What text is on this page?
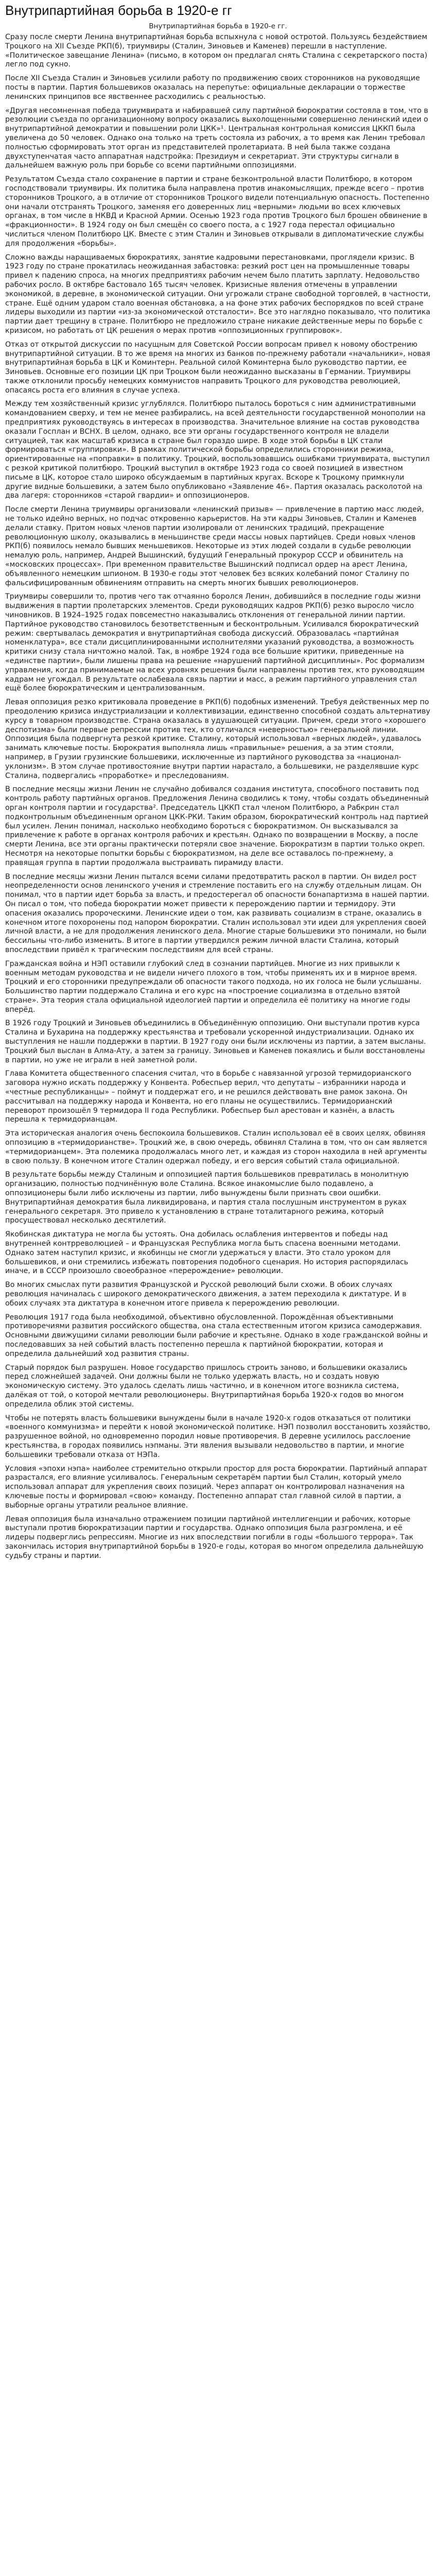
Внутрипартийная борьба в 1920-е гг
Внутрипартийная борьба в 1920-е гг.

Сразу после смерти Ленина внутрипартийная борьба вспыхнула с новой остротой. Пользуясь бездействием Троцкого на XII Съезде РКП(б), триумвиры (Сталин, Зиновьев и Каменев) перешли в наступление. «Политическое завещание Ленина» (письмо, в котором он предлагал снять Сталина с секретарского поста) легло под сукно.

После XII Съезда Сталин и Зиновьев усилили работу по продвижению своих сторонников на руководящие посты в партии. Партия большевиков оказалась на перепутье: официальные декларации о торжестве ленинских принципов все явственнее расходились с реальностью.

«Другая несомненная победа триумвирата и набиравшей силу партийной бюрократии состояла в том, что в резолюции съезда по организационному вопросу оказались выхолощенными совершенно ленинский идеи о внутрипартийной демократии и повышении роли ЦКК»¹. Центральная контрольная комиссия ЦККП была увеличена до 50 человек. Однако она только на треть состояла из рабочих, а то время как Ленин требовал полностью сформировать этот орган из представителей пролетариата. В ней была также создана двухступенчатая часто аппаратная надстройка: Президиум и секретариат. Эти структуры сигнали в дальнейшем важную роль при борьбе со всеми партийными оппозициями.

Результатом Съезда стало сохранение в партии и стране безконтрольной власти Политбюро, в котором господствовали триумвиры. Их политика была направлена против инакомыслящих, прежде всего – против сторонников Троцкого, а в отличие от сторонников Троцкого видели потенциальную опасность. Постепенно они начали отстранять Троцкого, заменяя его доверенных лиц «верными» людьми во всех ключевых органах, в том числе в НКВД и Красной Армии. Осенью 1923 года против Троцкого был брошен обвинение в «фракционности». В 1924 году он был смещён со своего поста, а с 1927 года перестал официально числиться членом Политбюро ЦК. Вместе с этим Сталин и Зиновьев открывали в дипломатические службы для продолжения «борьбы».

Сложно важды наращиваемых бюрократиях, занятие кадровыми перестановками, проглядели кризис. В 1923 году по стране прокатилась неожиданная забастовка: резкий рост цен на промышленные товары привел к падению спроса, на многих предприятиях рабочим нечем было платить зарплату. Недовольство рабочих росло. В октябре бастовало 165 тысяч человек. Кризисные явления отмечены в управлении экономикой, в деревне, в экономической ситуации. Они угрожали стране свободной торговлей, в частности, стране. Ещё одним ударом стало военная обстановка, а на фоне этих рабочих беспорядков по всей стране лидеры выходили из партии «из-за экономической отсталости». Все это наглядно показывало, что политика партии дает трещину в стране. Политбюро не предложило стране никакие действенные меры по борьбе с кризисом, но работать от ЦК решения о мерах против «оппозиционных группировок».

Отказ от открытой дискуссии по насущным для Советской России вопросам привел к новому обострению внутрипартийной ситуации. В то же время на многих из банков по-прежнему работали «начальники», новая внутрипартийная борьба в ЦК и Коминтерн. Реальной силой Коминтерна было руководство партии, ее Зиновьев. Основные его позиции ЦК при Троцком были неожиданно высказаны в Германии. Триумвиры также отклонили просьбу немецких коммунистов направить Троцкого для руководства революцией, опасаясь роста его влияния в случае успеха.

Между тем хозяйственный кризис углублялся. Политбюро пыталось бороться с ним административными командованием сверху, и тем не менее разбирались, на всей деятельности государственной монополии на предприятиях руководствуясь в интересах в производства. Значительное влияние на состав руководства оказали Госплан и ВСНХ. В целом, однако, все эти органы государственного контроля не владели ситуацией, так как масштаб кризиса в стране был гораздо шире. В ходе этой борьбы в ЦК стали формироваться «группировки». В рамках политической борьбы определились сторонники режима, ориентированные на «поправки» в политику. Троцкий, воспользовавшись ошибками триумвирата, выступил с резкой критикой политбюро. Троцкий выступил в октябре 1923 года со своей позицией в известном письме в ЦК, которое стало широко обсуждаемым в партийных кругах. Вскоре к Троцкому примкнули другие видные большевики, а затем было опубликовано «Заявление 46». Партия оказалась расколотой на два лагеря: сторонников «старой гвардии» и оппозиционеров.

После смерти Ленина триумвиры организовали «ленинский призыв» — привлечение в партию масс людей, не только идейно верных, но подчас откровенно карьеристов. На эти кадры Зиновьев, Сталин и Каменев делали ставку. Притом новых членов партии изолировали от ленинских традиций, прекращение революционную школу, оказывались в меньшинстве среди массы новых партийцев. Среди новых членов РКП(б) появилось немало бывших меньшевиков. Некоторые из этих людей создали в судьбе революции немалую роль, например, Андрей Вышинский, будущий Генеральный прокурор СССР и обвинитель на «московских процессах». При временном правительстве Вышинский подписал ордер на арест Ленина, объявленного немецким шпионом. В 1930-е годы этот человек без всяких колебаний помог Сталину по фальсифицированным обвинениям отправить на смерть многих бывших революционеров.

Триумвиры совершили то, против чего так отчаянно боролся Ленин, добившийся в последние годы жизни выдвижения в партии пролетарских элементов. Среди руководящих кадров РКП(б) резко выросло число чиновников. В 1924–1925 годах повсеместно наказывались отклонения от генеральной линии партии. Партийное руководство становилось безответственным и бесконтрольным. Усиливался бюрократический режим: свертывалась демократия и внутрипартийная свобода дискуссий. Образовалась «партийная номенклатура», все стали дисциплинированными исполнителями указаний руководства, а возможность критики снизу стала ничтожно малой. Так, в ноябре 1924 года все большие критики, приведенные на «единстве партии», были лишены права на решение «нарушений партийной дисциплины». Рос формализм управления, когда принимаемые на всех уровнях решения были направлены против тех, кто руководящим кадрам не угождал. В результате ослабевала связь партии и масс, а режим партийного управления стал ещё более бюрократическим и централизованным.

Левая оппозиция резко критиковала проведение в РКП(б) подобных изменений. Требуя действенных мер по преодолению кризиса индустриализации и коллективизации, единственно способной создать альтернативу курсу в товарном производстве. Страна оказалась в удушающей ситуации. Причем, среди этого «хорошего деспотизма» были первые репрессии против тех, кто отличался «неверностью» генеральной линии. Оппозиция была подвергнута резкой критике. Сталину, который использовал «верных людей», удавалось занимать ключевые посты. Бюрократия выполняла лишь «правильные» решения, а за этим стояли, например, в Грузии грузинские большевики, исключенные из партийного руководства за «национал-уклонизм». В этом случае противостояние внутри партии нарастало, а большевики, не разделявшие курс Сталина, подвергались «проработке» и преследованиям.

В последние месяцы жизни Ленин не случайно добивался создания института, способного поставить под контроль работу партийных органов. Предложения Ленина сводились к тому, чтобы создать объединенный орган контроля партии и государства². Председатель ЦККП стал членом Политбюро, а Рабкрин стал подконтрольным объединенным органом ЦКК-РКИ. Таким образом, бюрократический контроль над партией был усилен. Ленин понимал, насколько необходимо бороться с бюрократизмом. Он высказывался за привлечение к работе в органах контроля рабочих и крестьян. Однако по возвращении в Москву, а после смерти Ленина, все эти органы практически потеряли свое значение. Бюрократизм в партии только окреп. Несмотря на некоторые попытки борьбы с бюрократизмом, на деле все оставалось по-прежнему, а правящая группа в партии продолжала выстраивать пирамиду власти.

В последние месяцы жизни Ленин пытался всеми силами предотвратить раскол в партии. Он видел рост неопределенности основ ленинского учения и стремление поставить его на службу отдельным лицам. Он понимал, что в партии идет борьба за власть, и предостерегал об опасности бонапартизма в нашей партии. Он писал о том, что победа бюрократии может привести к перерождению партии и термидору. Эти опасения оказались пророческими. Ленинские идеи о том, как развивать социализм в стране, оказались в конечном итоге похоронены под напором бюрократии. Сталин использовал эти идеи для укрепления своей личной власти, а не для продолжения ленинского дела. Многие старые большевики это понимали, но были бессильны что-либо изменить. В итоге в партии утвердился режим личной власти Сталина, который впоследствии привёл к трагическим последствиям для всей страны.

Гражданская война и НЭП оставили глубокий след в сознании партийцев. Многие из них привыкли к военным методам руководства и не видели ничего плохого в том, чтобы применять их и в мирное время. Троцкий и его сторонники предупреждали об опасности такого подхода, но их голоса не были услышаны. Большинство партии поддержало Сталина и его курс на «построение социализма в отдельно взятой стране». Эта теория стала официальной идеологией партии и определила её политику на многие годы вперёд.

В 1926 году Троцкий и Зиновьев объединились в Объединённую оппозицию. Они выступали против курса Сталина и Бухарина на поддержку крестьянства и требовали ускоренной индустриализации. Однако их выступления не нашли поддержки в партии. В 1927 году они были исключены из партии, а затем высланы. Троцкий был выслан в Алма-Ату, а затем за границу. Зиновьев и Каменев покаялись и были восстановлены в партии, но уже не играли в ней заметной роли.

Глава Комитета общественного спасения считал, что в борьбе с навязанной угрозой термидорианского заговора нужно искать поддержку у Конвента. Робеспьер верил, что депутаты – избранники народа и «честные республиканцы» – поймут и поддержат его, и не решился действовать вне рамок закона. Он рассчитывал на поддержку народа и Конвента, но его планы не осуществились. Термидорианский переворот произошёл 9 термидора II года Республики. Робеспьер был арестован и казнён, а власть перешла к термидорианцам.

Эта историческая аналогия очень беспокоила большевиков. Сталин использовал её в своих целях, обвиняя оппозицию в «термидорианстве». Троцкий же, в свою очередь, обвинял Сталина в том, что он сам является «термидорианцем». Эта полемика продолжалась много лет, и каждая из сторон находила в ней аргументы в свою пользу. В конечном итоге Сталин одержал победу, и его версия событий стала официальной.

В результате борьбы между Сталиным и оппозицией партия большевиков превратилась в монолитную организацию, полностью подчинённую воле Сталина. Всякое инакомыслие было подавлено, а оппозиционеры были либо исключены из партии, либо вынуждены были признать свои ошибки. Внутрипартийная демократия была ликвидирована, и партия стала послушным инструментом в руках генерального секретаря. Это привело к установлению в стране тоталитарного режима, который просуществовал несколько десятилетий.

Якобинская диктатура не могла бы устоять. Она добилась ослабления интервентов и победы над внутренней контрреволюцией – и Французская Республика могла быть спасена военными методами. Однако затем наступил кризис, и якобинцы не смогли удержаться у власти. Это стало уроком для большевиков, и они стремились избежать повторения подобного сценария. Но история распорядилась иначе, и в СССР произошло своеобразное «перерождение» революции.

Во многих смыслах пути развития Французской и Русской революций были схожи. В обоих случаях революция начиналась с широкого демократического движения, а затем переходила к диктатуре. И в обоих случаях эта диктатура в конечном итоге привела к перерождению революции.

Революция 1917 года была необходимой, объективно обусловленной. Порождённая объективными противоречиями развития российского общества, она стала естественным итогом кризиса самодержавия. Основными движущими силами революции были рабочие и крестьяне. Однако в ходе гражданской войны и последовавших за ней событий власть постепенно перешла к партийной бюрократии, которая и определила дальнейший ход развития страны.

Старый порядок был разрушен. Новое государство пришлось строить заново, и большевики оказались перед сложнейшей задачей. Они должны были не только удержать власть, но и создать новую экономическую систему. Это удалось сделать лишь частично, и в конечном итоге возникла система, далёкая от той, о которой мечтали революционеры. Внутрипартийная борьба 1920-х годов во многом определила облик этой системы.

Чтобы не потерять власть большевики вынуждены были в начале 1920-х годов отказаться от политики «военного коммунизма» и перейти к новой экономической политике. НЭП позволил восстановить хозяйство, разрушенное войной, но одновременно породил новые противоречия. В деревне усилилось расслоение крестьянства, в городах появились нэпманы. Эти явления вызывали недовольство в партии, и многие большевики требовали отказа от НЭПа.

Условия «эпохи нэпа» наиболее стремительно открыли простор для роста бюрократии. Партийный аппарат разрастался, его влияние усиливалось. Генеральным секретарём партии был Сталин, который умело использовал аппарат для укрепления своих позиций. Через аппарат он контролировал назначения на ключевые посты и формировал «свою» команду. Постепенно аппарат стал главной силой в партии, а выборные органы утратили реальное влияние.

Левая оппозиция была изначально отражением позиции партийной интеллигенции и рабочих, которые выступали против бюрократизации партии и государства. Однако оппозиция была разгромлена, и её лидеры подверглись репрессиям. Многие из них впоследствии погибли в годы «большого террора». Так закончилась история внутрипартийной борьбы в 1920-е годы, которая во многом определила дальнейшую судьбу страны и партии.
